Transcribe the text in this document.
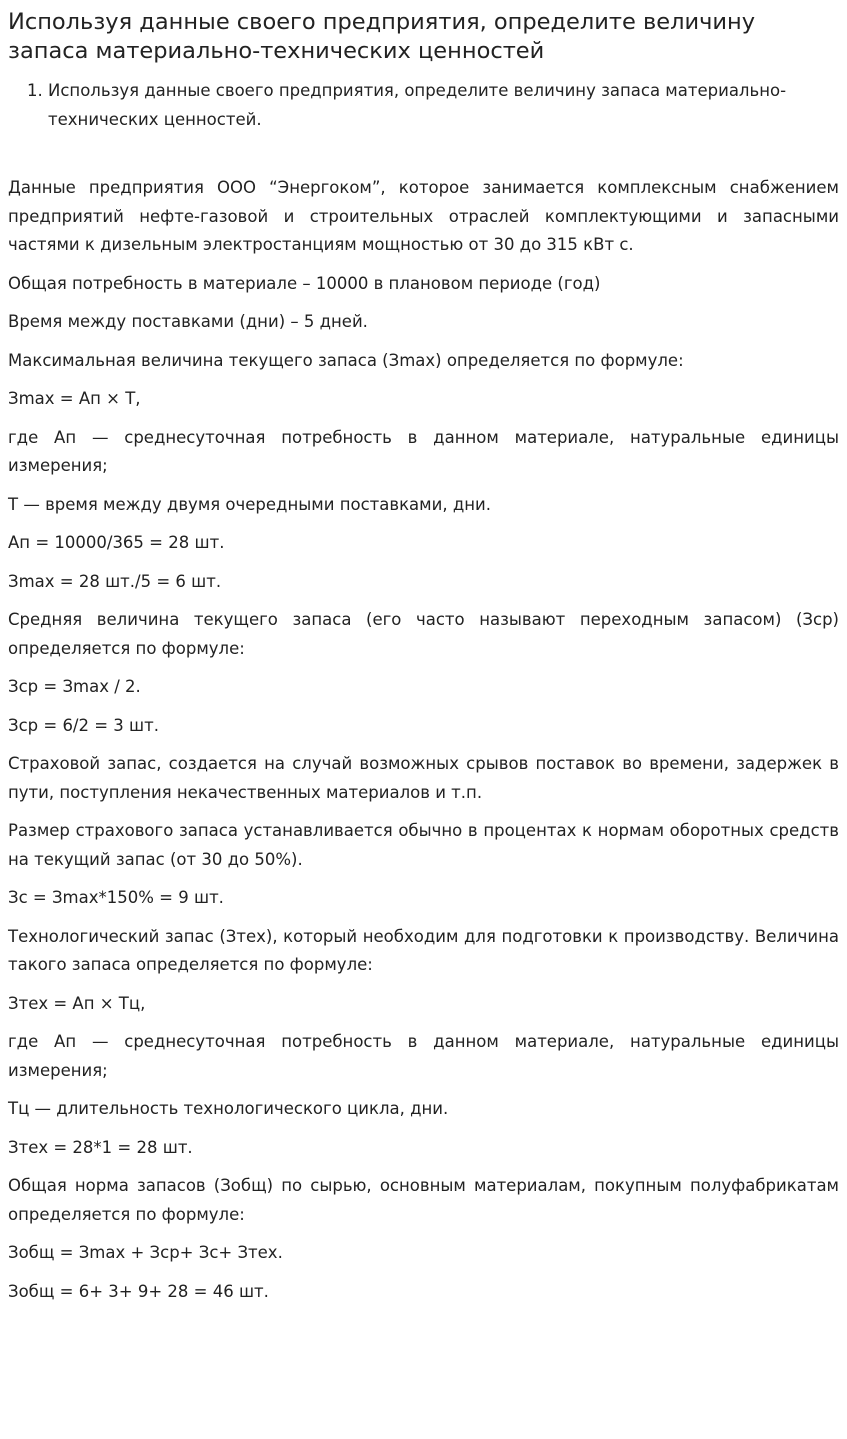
Используя данные своего предприятия, определите величину запаса материально-технических ценностей
1. Используя данные своего предприятия, определите величину запаса материально-технических ценностей.

Данные предприятия ООО “Энергоком”, которое занимается комплексным снабжением предприятий нефте-газовой и строительных отраслей комплектующими и запасными частями к дизельным электростанциям мощностью от 30 до 315 кВт с.

Общая потребность в материале – 10000 в плановом периоде (год)

Время между поставками (дни) – 5 дней.

Максимальная величина текущего запаса (Зmax) определяется по формуле:

Зmax = Ап × Т,

где Ап — среднесуточная потребность в данном материале, натуральные единицы измерения;

Т — время между двумя очередными поставками, дни.

Ап = 10000/365 = 28 шт.

Зmax = 28 шт./5 = 6 шт.

Средняя величина текущего запаса (его часто называют переходным запасом) (Зср) определяется по формуле:

Зср = Зmax / 2.

Зср = 6/2 = 3 шт.

Страховой запас, создается на случай возможных срывов поставок во времени, задержек в пути, поступления некачественных материалов и т.п.

Размер страхового запаса устанавливается обычно в процентах к нормам оборотных средств на текущий запас (от 30 до 50%).

Зс = Зmax*150% = 9 шт.

Технологический запас (Зтех), который необходим для подготовки к производству. Величина такого запаса определяется по формуле:

Зтех = Ап × Тц,

где Ап — среднесуточная потребность в данном материале, натуральные единицы измерения;

Тц — длительность технологического цикла, дни.

Зтех = 28*1 = 28 шт.

Общая норма запасов (Зобщ) по сырью, основным материалам, покупным полуфабрикатам определяется по формуле:

Зобщ = Зmax + Зср+ Зс+ Зтех.

Зобщ = 6+ 3+ 9+ 28 = 46 шт.
